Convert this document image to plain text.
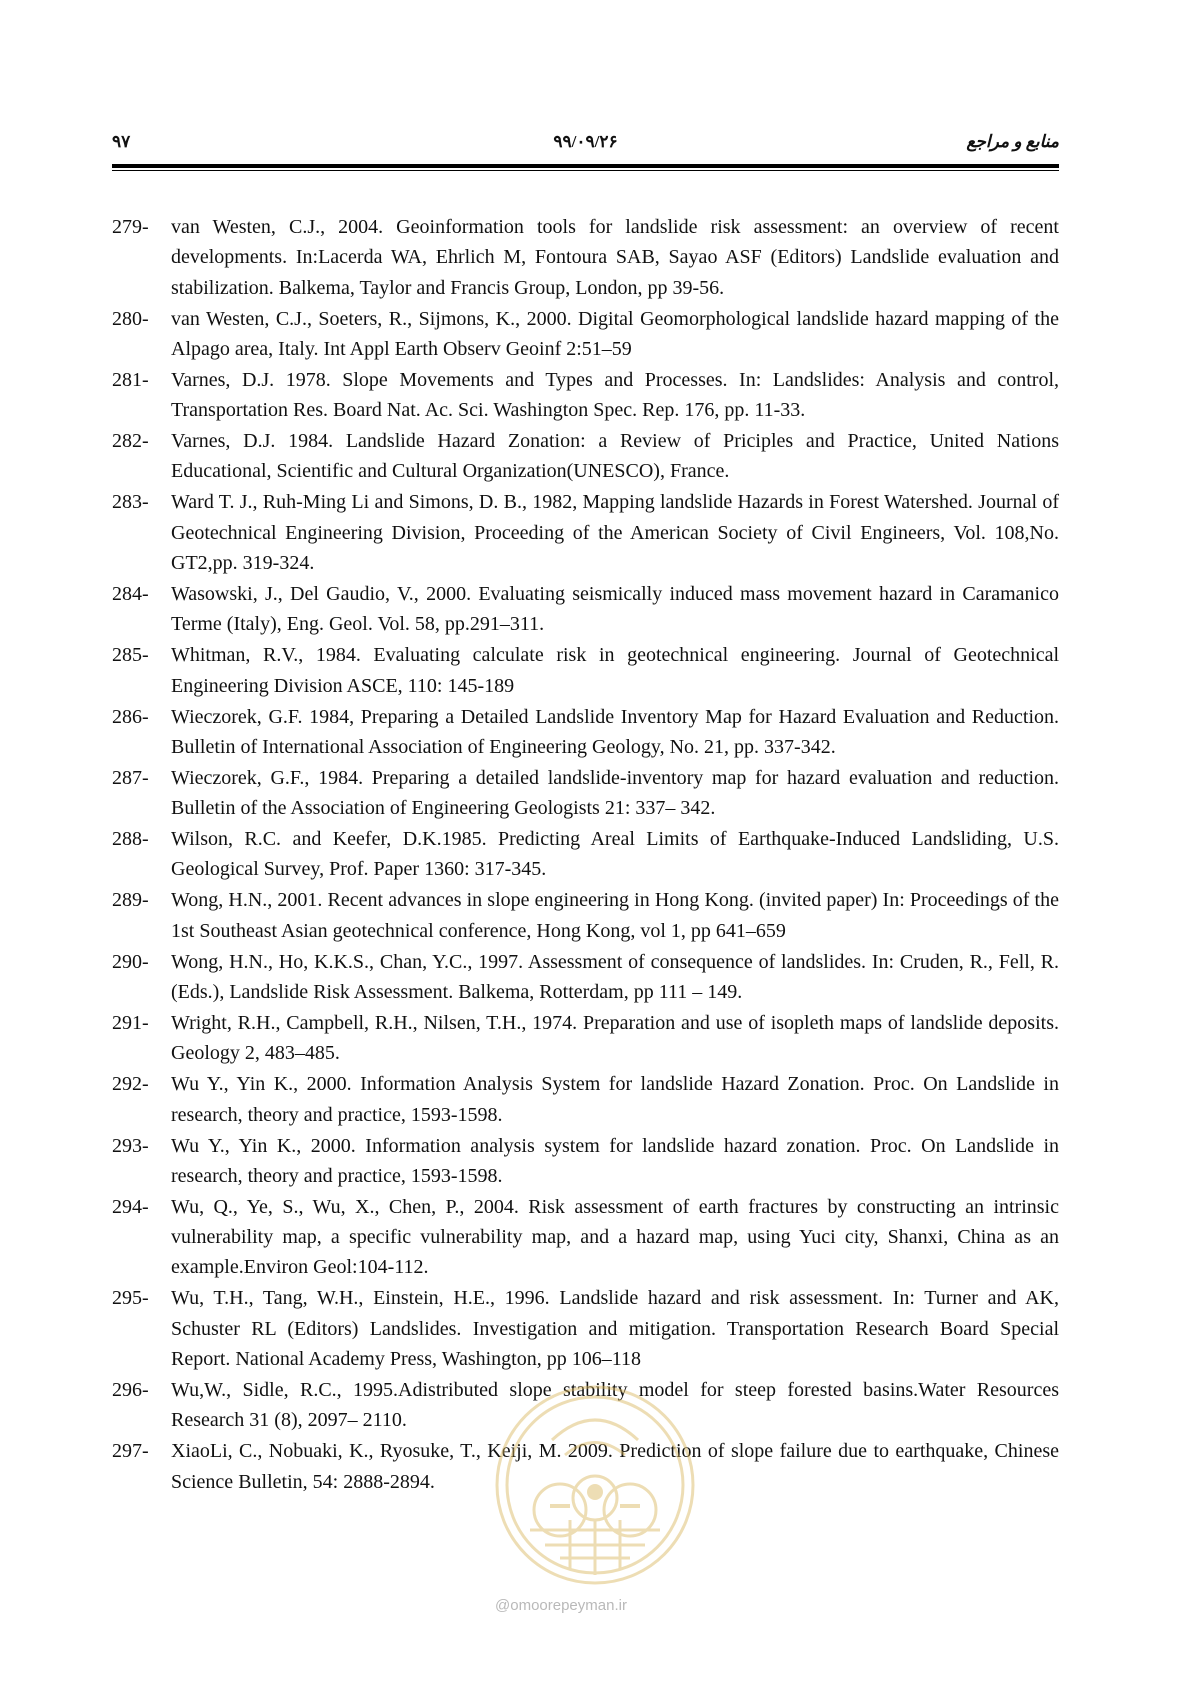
۹۷	۹۹/۰۹/۲۶	منابع و مراجع
279- van Westen, C.J., 2004. Geoinformation tools for landslide risk assessment: an overview of recent developments. In:Lacerda WA, Ehrlich M, Fontoura SAB, Sayao ASF (Editors) Landslide evaluation and stabilization. Balkema, Taylor and Francis Group, London, pp 39-56.
280- van Westen, C.J., Soeters, R., Sijmons, K., 2000. Digital Geomorphological landslide hazard mapping of the Alpago area, Italy. Int Appl Earth Observ Geoinf 2:51–59
281- Varnes, D.J. 1978. Slope Movements and Types and Processes. In: Landslides: Analysis and control, Transportation Res. Board Nat. Ac. Sci. Washington Spec. Rep. 176, pp. 11-33.
282- Varnes, D.J. 1984. Landslide Hazard Zonation: a Review of Priciples and Practice, United Nations Educational, Scientific and Cultural Organization(UNESCO), France.
283- Ward T. J., Ruh-Ming Li and Simons, D. B., 1982, Mapping landslide Hazards in Forest Watershed. Journal of Geotechnical Engineering Division, Proceeding of the American Society of Civil Engineers, Vol. 108,No. GT2,pp. 319-324.
284- Wasowski, J., Del Gaudio, V., 2000. Evaluating seismically induced mass movement hazard in Caramanico Terme (Italy), Eng. Geol. Vol. 58, pp.291–311.
285- Whitman, R.V., 1984. Evaluating calculate risk in geotechnical engineering. Journal of Geotechnical Engineering Division ASCE, 110: 145-189
286- Wieczorek, G.F. 1984, Preparing a Detailed Landslide Inventory Map for Hazard Evaluation and Reduction. Bulletin of International Association of Engineering Geology, No. 21, pp. 337-342.
287- Wieczorek, G.F., 1984. Preparing a detailed landslide-inventory map for hazard evaluation and reduction. Bulletin of the Association of Engineering Geologists 21: 337– 342.
288- Wilson, R.C. and Keefer, D.K.1985. Predicting Areal Limits of Earthquake-Induced Landsliding, U.S. Geological Survey, Prof. Paper 1360: 317-345.
289- Wong, H.N., 2001. Recent advances in slope engineering in Hong Kong. (invited paper) In: Proceedings of the 1st Southeast Asian geotechnical conference, Hong Kong, vol 1, pp 641–659
290- Wong, H.N., Ho, K.K.S., Chan, Y.C., 1997. Assessment of consequence of landslides. In: Cruden, R., Fell, R. (Eds.), Landslide Risk Assessment. Balkema, Rotterdam, pp 111 – 149.
291- Wright, R.H., Campbell, R.H., Nilsen, T.H., 1974. Preparation and use of isopleth maps of landslide deposits. Geology 2, 483–485.
292- Wu Y., Yin K., 2000. Information Analysis System for landslide Hazard Zonation. Proc. On Landslide in research, theory and practice, 1593-1598.
293- Wu Y., Yin K., 2000. Information analysis system for landslide hazard zonation. Proc. On Landslide in research, theory and practice, 1593-1598.
294- Wu, Q., Ye, S., Wu, X., Chen, P., 2004. Risk assessment of earth fractures by constructing an intrinsic vulnerability map, a specific vulnerability map, and a hazard map, using Yuci city, Shanxi, China as an example.Environ Geol:104-112.
295- Wu, T.H., Tang, W.H., Einstein, H.E., 1996. Landslide hazard and risk assessment. In: Turner and AK, Schuster RL (Editors) Landslides. Investigation and mitigation. Transportation Research Board Special Report. National Academy Press, Washington, pp 106–118
296- Wu,W., Sidle, R.C., 1995.Adistributed slope stability model for steep forested basins.Water Resources Research 31 (8), 2097– 2110.
297- XiaoLi, C., Nobuaki, K., Ryosuke, T., Keiji, M. 2009. Prediction of slope failure due to earthquake, Chinese Science Bulletin, 54: 2888-2894.
@omoorepeyman.ir
